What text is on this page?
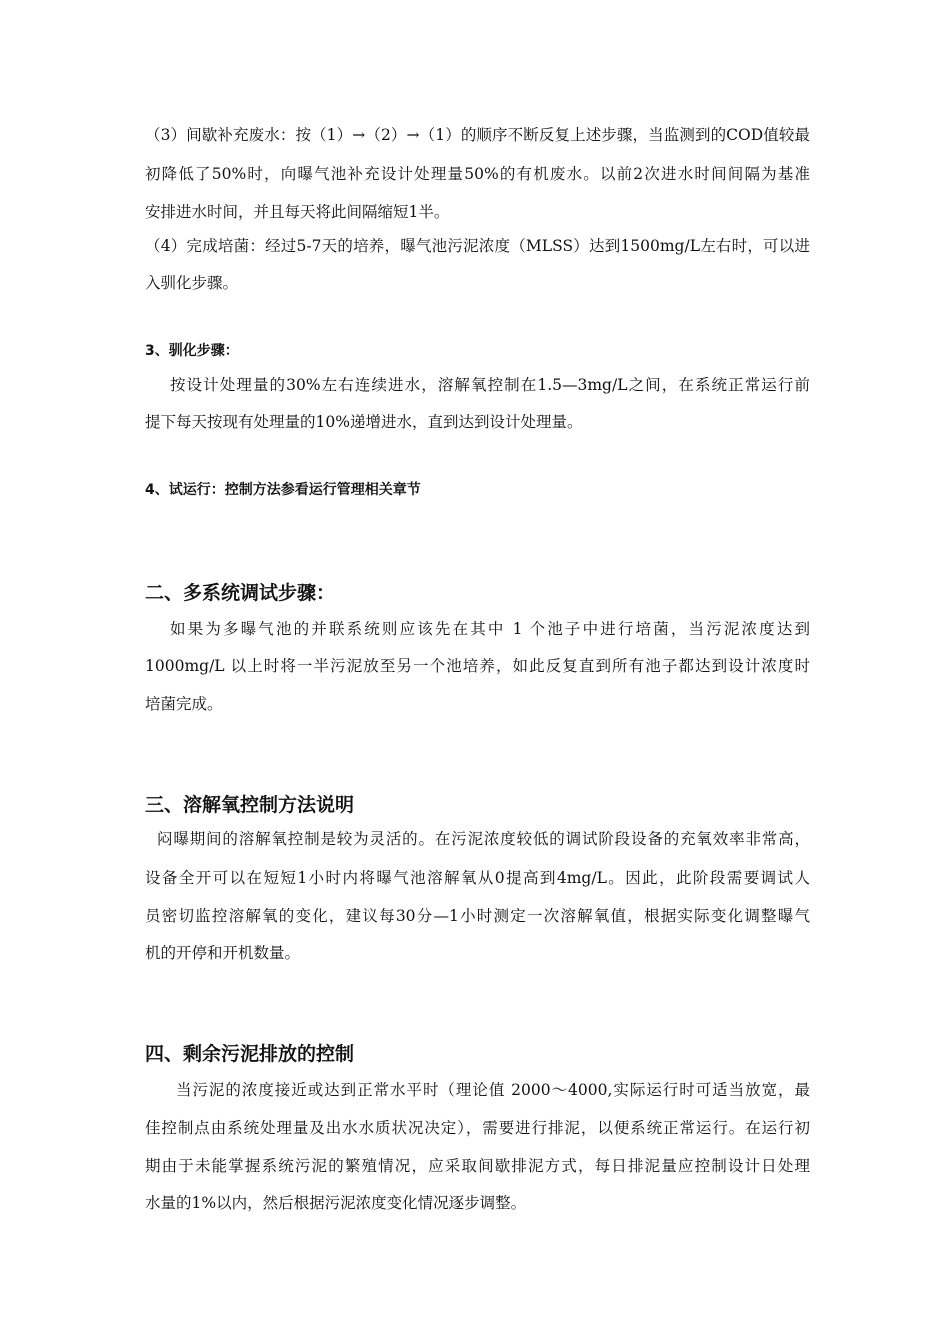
（3）间歇补充废水：按（1）→（2）→（1）的顺序不断反复上述步骤，当监测到的COD值较最
初降低了50%时，向曝气池补充设计处理量50%的有机废水。以前2次进水时间间隔为基准
安排进水时间，并且每天将此间隔缩短1半。
（4）完成培菌：经过5-7天的培养，曝气池污泥浓度（MLSS）达到1500mg/L左右时，可以进
入驯化步骤。
3、驯化步骤：
按设计处理量的30%左右连续进水，溶解氧控制在1.5—3mg/L之间，在系统正常运行前
提下每天按现有处理量的10%递增进水，直到达到设计处理量。
4、试运行：控制方法参看运行管理相关章节
二、多系统调试步骤：
如果为多曝气池的并联系统则应该先在其中 1 个池子中进行培菌，当污泥浓度达到
1000mg/L 以上时将一半污泥放至另一个池培养，如此反复直到所有池子都达到设计浓度时
培菌完成。
三、溶解氧控制方法说明
闷曝期间的溶解氧控制是较为灵活的。在污泥浓度较低的调试阶段设备的充氧效率非常高，
设备全开可以在短短1小时内将曝气池溶解氧从0提高到4mg/L。因此，此阶段需要调试人
员密切监控溶解氧的变化，建议每30分—1小时测定一次溶解氧值，根据实际变化调整曝气
机的开停和开机数量。
四、剩余污泥排放的控制
当污泥的浓度接近或达到正常水平时（理论值 2000～4000,实际运行时可适当放宽，最
佳控制点由系统处理量及出水水质状况决定），需要进行排泥，以便系统正常运行。在运行初
期由于未能掌握系统污泥的繁殖情况，应采取间歇排泥方式，每日排泥量应控制设计日处理
水量的1%以内，然后根据污泥浓度变化情况逐步调整。
